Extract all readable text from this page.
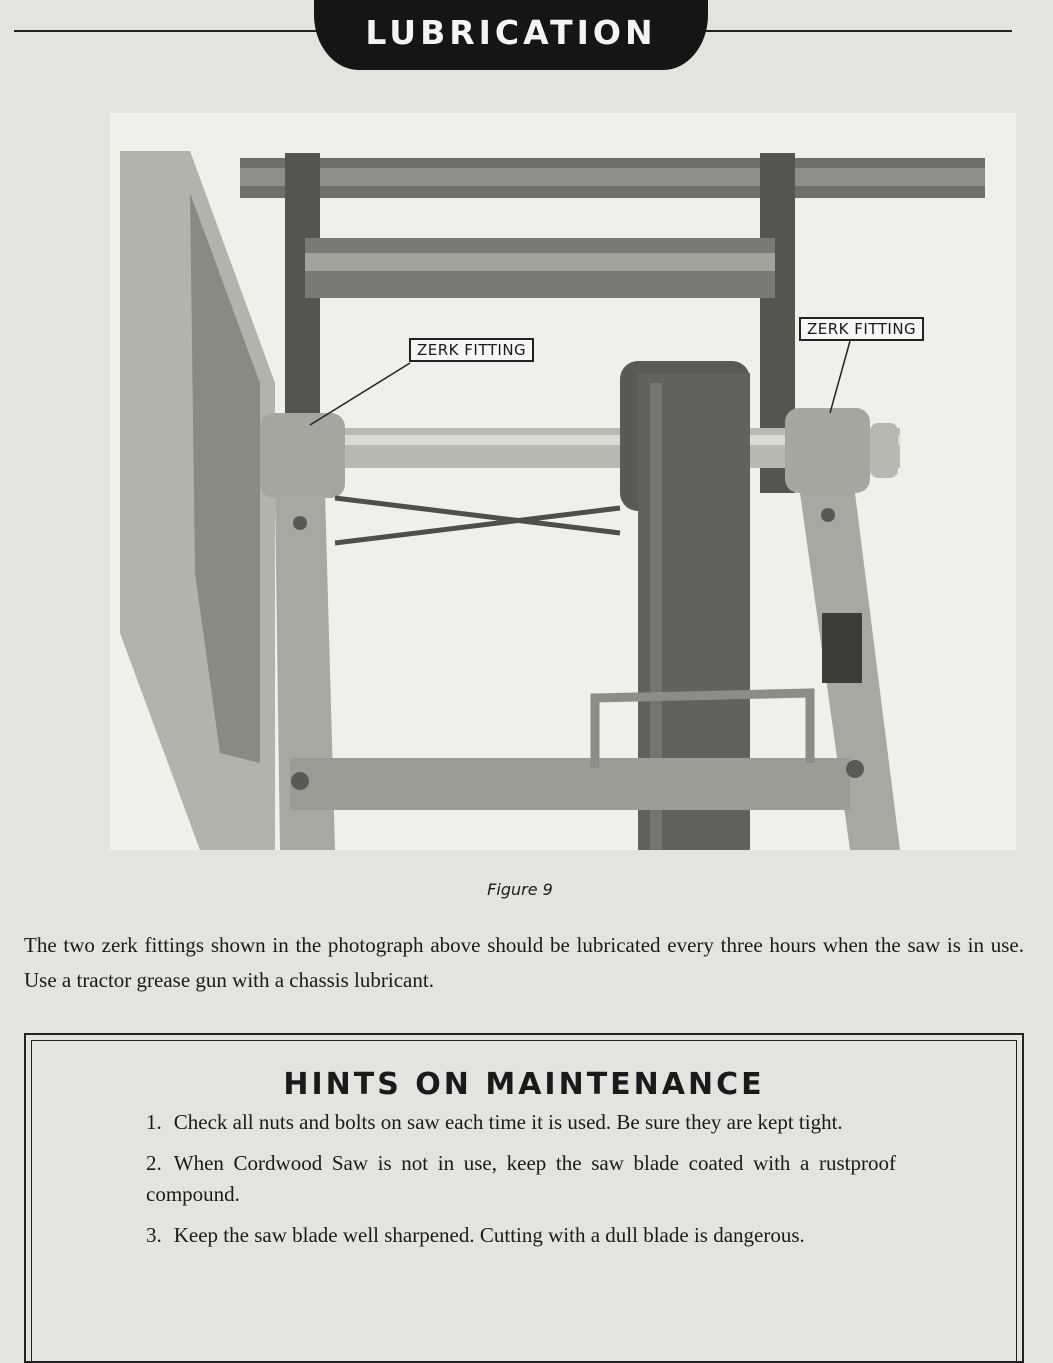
LUBRICATION
ZERK FITTING
ZERK FITTING
Figure 9
The two zerk fittings shown in the photograph above should be lubricated every three hours when the saw is in use. Use a tractor grease gun with a chassis lubricant.
HINTS ON MAINTENANCE
1. Check all nuts and bolts on saw each time it is used. Be sure they are kept tight.
2. When Cordwood Saw is not in use, keep the saw blade coated with a rustproof compound.
3. Keep the saw blade well sharpened. Cutting with a dull blade is dangerous.
